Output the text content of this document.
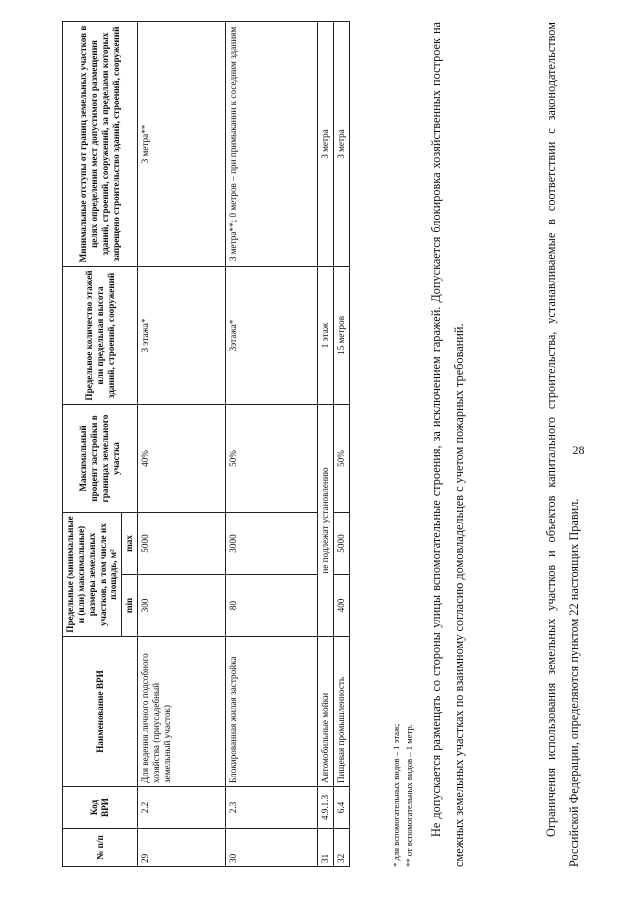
28
№ п/п	Код ВРИ	Наименование ВРИ	Предельные (минимальные и (или) максимальные) размеры земельных участков, в том числе их площадь, м²		Максимальный процент застройки в границах земельного участка	Предельное количество этажей или предельная высота зданий, строений, сооружений	Минимальные отступы от границ земельных участков в целях определения мест допустимого размещения зданий, строений, сооружений, за пределами которых запрещено строительство зданий, строений, сооружений
			min	max			
29	2.2	Для ведения личного подсобного хозяйства (приусадебный земельный участок)	300	5000	40%	3 этажа*	3 метра**
30	2.3	Блокированная жилая застройка	80	3000	50%	3этажа*	3 метра**; 0 метров – при примыкании к соседним зданиям
31	4.9.1.3	Автомобильные мойки	не подлежат установлению			1 этаж	3 метра
32	6.4	Пищевая промышленность	400	5000	50%	15 метров	3 метра
* для вспомогательных видов – 1 этаж; ** от вспомогательных видов – 1 метр.	Не допускается размещать со стороны улицы вспомогательные строения, за исключением гаражей. Допускается блокировка хозяйственных построек на смежных земельных участках по взаимному согласию домовладельцев с учетом пожарных требований.	Ограничения использования земельных участков и объектов капитального строительства, устанавливаемые в соответствии с законодательством Российской Федерации, определяются пунктом 22 настоящих Правил.
